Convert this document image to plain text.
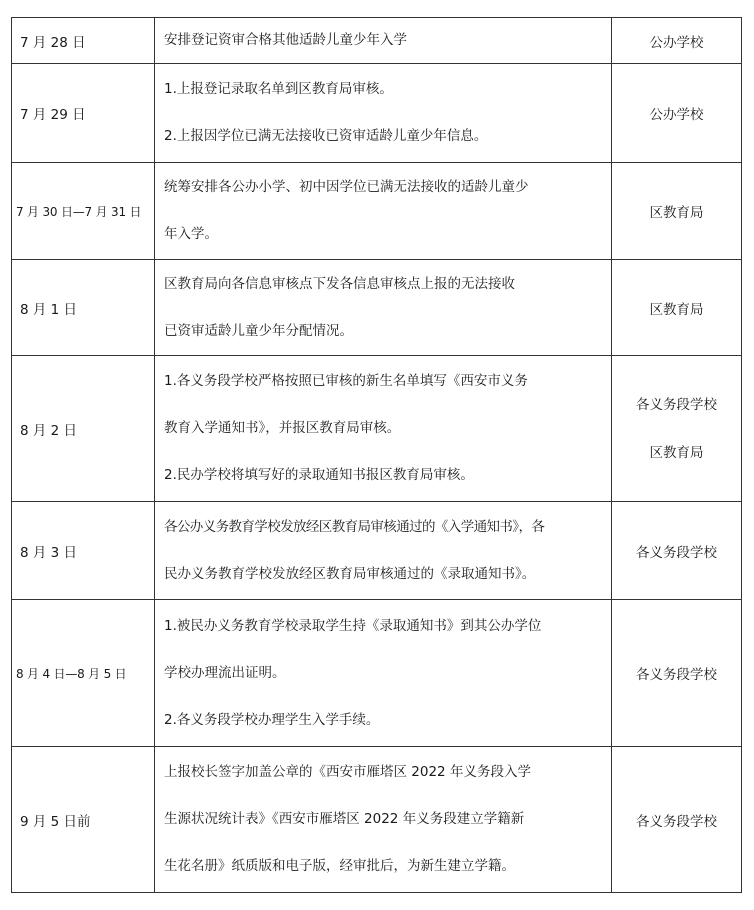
7 月 28 日	安排登记资审合格其他适龄儿童少年入学	公办学校
7 月 29 日	1.上报登记录取名单到区教育局审核。
2.上报因学位已满无法接收已资审适龄儿童少年信息。	公办学校
7 月 30 日—7 月 31 日	统筹安排各公办小学、初中因学位已满无法接收的适龄儿童少
年入学。	区教育局
8 月 1 日	区教育局向各信息审核点下发各信息审核点上报的无法接收
已资审适龄儿童少年分配情况。	区教育局
8 月 2 日	1.各义务段学校严格按照已审核的新生名单填写《西安市义务
教育入学通知书》，并报区教育局审核。
2.民办学校将填写好的录取通知书报区教育局审核。	各义务段学校
区教育局

8 月 3 日	各公办义务教育学校发放经区教育局审核通过的《入学通知书》，各
民办义务教育学校发放经区教育局审核通过的《录取通知书》。	各义务段学校
8 月 4 日—8 月 5 日	1.被民办义务教育学校录取学生持《录取通知书》到其公办学位
学校办理流出证明。
2.各义务段学校办理学生入学手续。	各义务段学校
9 月 5 日前	上报校长签字加盖公章的《西安市雁塔区 2022 年义务段入学
生源状况统计表》《西安市雁塔区 2022 年义务段建立学籍新
生花名册》纸质版和电子版，经审批后，为新生建立学籍。	各义务段学校
